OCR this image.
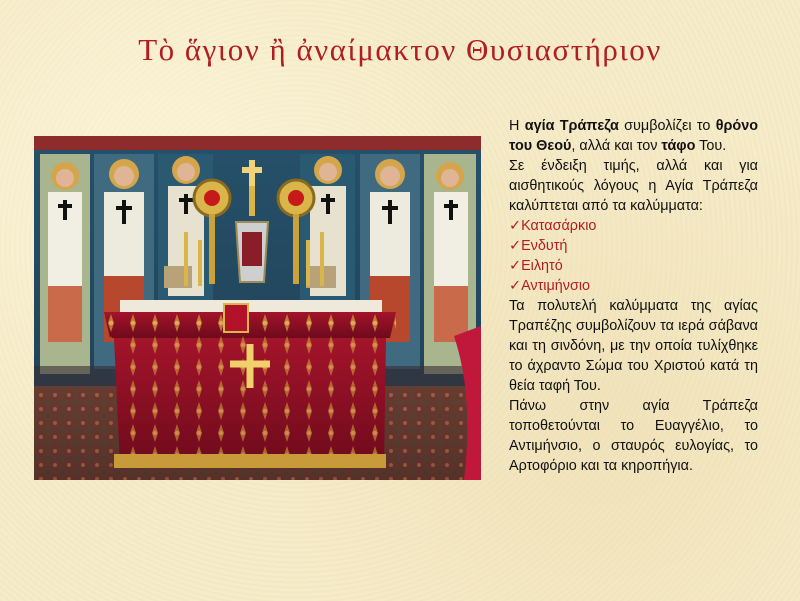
Τὸ ἅγιον ἢ ἀναίμακτον Θυσιαστήριον

Η αγία Τράπεζα συμβολίζει το θρόνο του Θεού, αλλά και τον τάφο Του.

Σε ένδειξη τιμής, αλλά και για αισθητικούς λόγους η Αγία Τράπεζα καλύπτεται από τα καλύμματα:

✓Κατασάρκιο
✓Ενδυτή
✓Ειλητό
✓Αντιμήνσιο

Τα πολυτελή καλύμματα της αγίας Τραπέζης συμβολίζουν τα ιερά σάβανα και τη σινδόνη, με την οποία τυλίχθηκε το άχραντο Σώμα του Χριστού κατά τη θεία ταφή Του.

Πάνω στην αγία Τράπεζα τοποθετούνται το Ευαγγέλιο, το Αντιμήνσιο, ο σταυρός ευλογίας, το Αρτοφόριο και τα κηροπήγια.
